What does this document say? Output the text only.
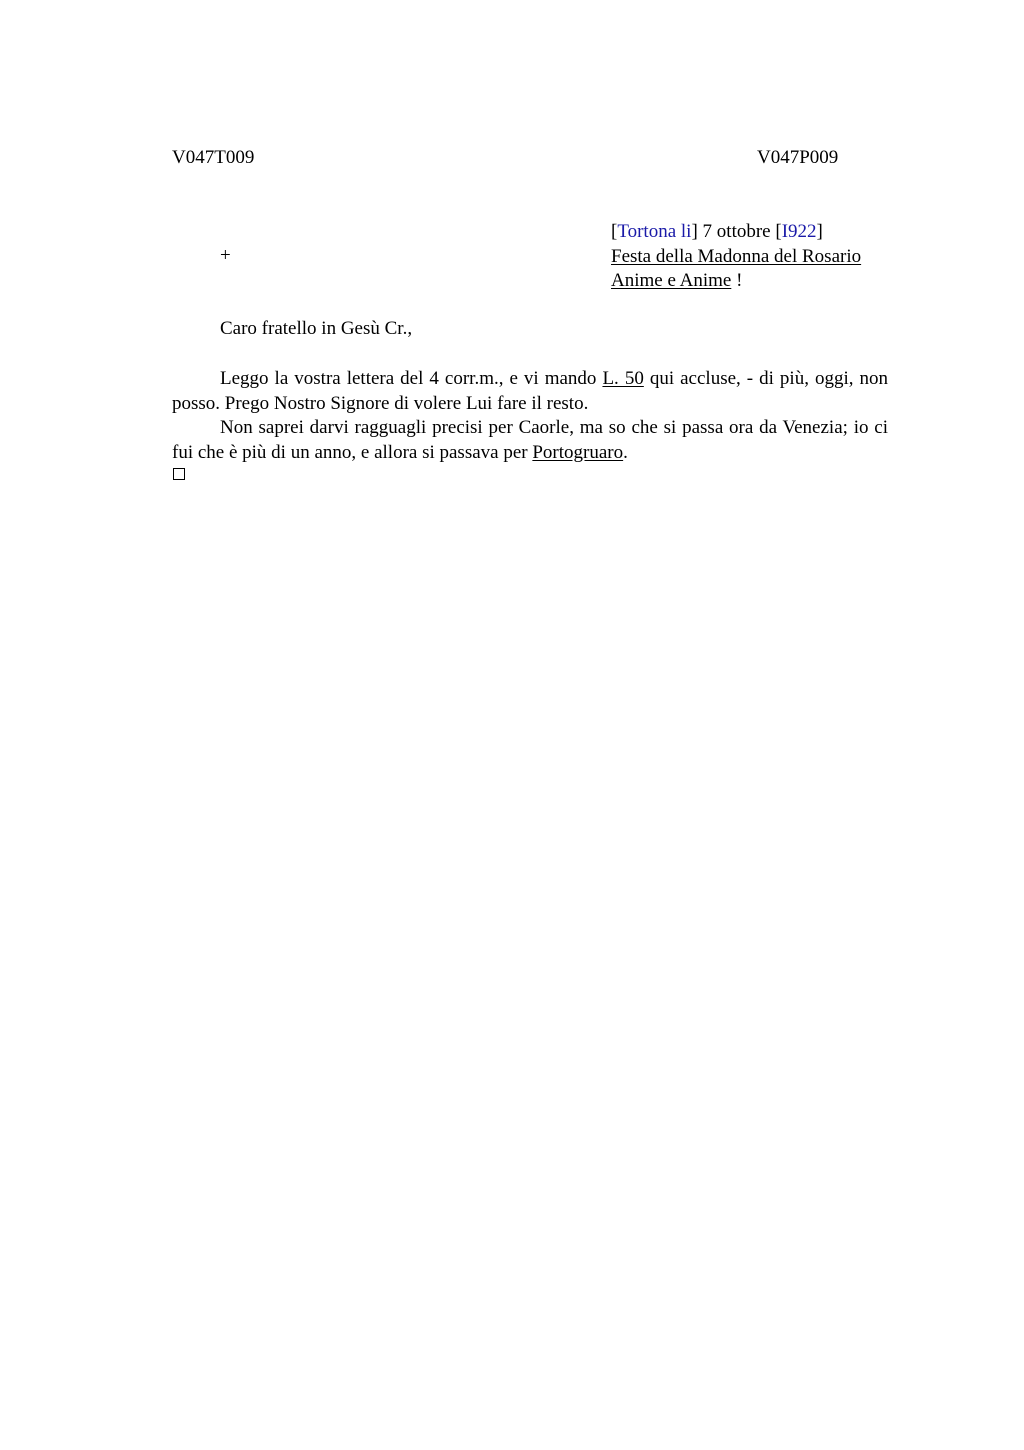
V047T009	V047P009
[Tortona li] 7 ottobre [I922]
Festa della Madonna del Rosario
Anime e Anime !
+
Caro fratello in Gesù Cr.,

Leggo la vostra lettera del 4 corr.m., e vi mando L. 50 qui accluse, - di più, oggi, non posso. Prego Nostro Signore di volere Lui fare il resto.

Non saprei darvi ragguagli precisi per Caorle, ma so che si passa ora da Venezia; io ci fui che è più di un anno, e allora si passava per Portogruaro.
